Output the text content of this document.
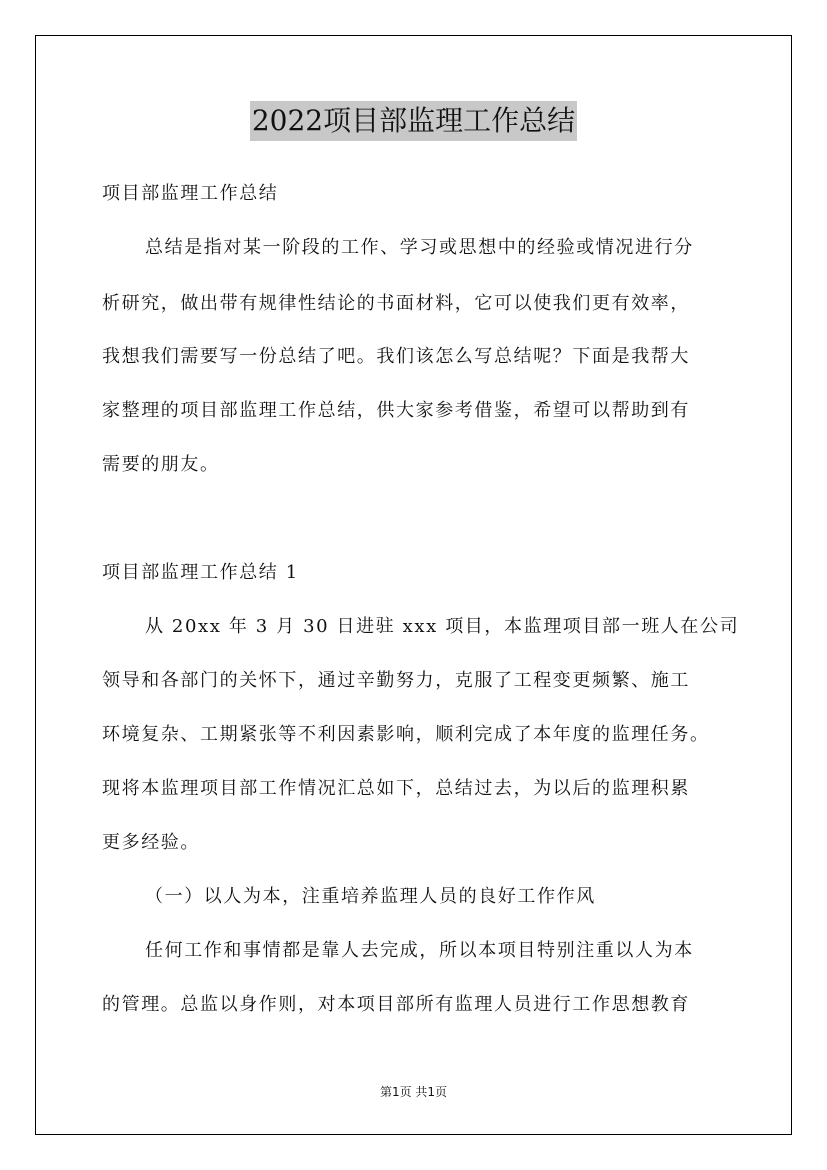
2022项目部监理工作总结
项目部监理工作总结
总结是指对某一阶段的工作、学习或思想中的经验或情况进行分
析研究，做出带有规律性结论的书面材料，它可以使我们更有效率，
我想我们需要写一份总结了吧。我们该怎么写总结呢？下面是我帮大
家整理的项目部监理工作总结，供大家参考借鉴，希望可以帮助到有
需要的朋友。
项目部监理工作总结 1
从 20xx 年 3 月 30 日进驻 xxx 项目，本监理项目部一班人在公司
领导和各部门的关怀下，通过辛勤努力，克服了工程变更频繁、施工
环境复杂、工期紧张等不利因素影响，顺利完成了本年度的监理任务。
现将本监理项目部工作情况汇总如下，总结过去，为以后的监理积累
更多经验。
（一）以人为本，注重培养监理人员的良好工作作风
任何工作和事情都是靠人去完成，所以本项目特别注重以人为本
的管理。总监以身作则，对本项目部所有监理人员进行工作思想教育
第1页 共1页
